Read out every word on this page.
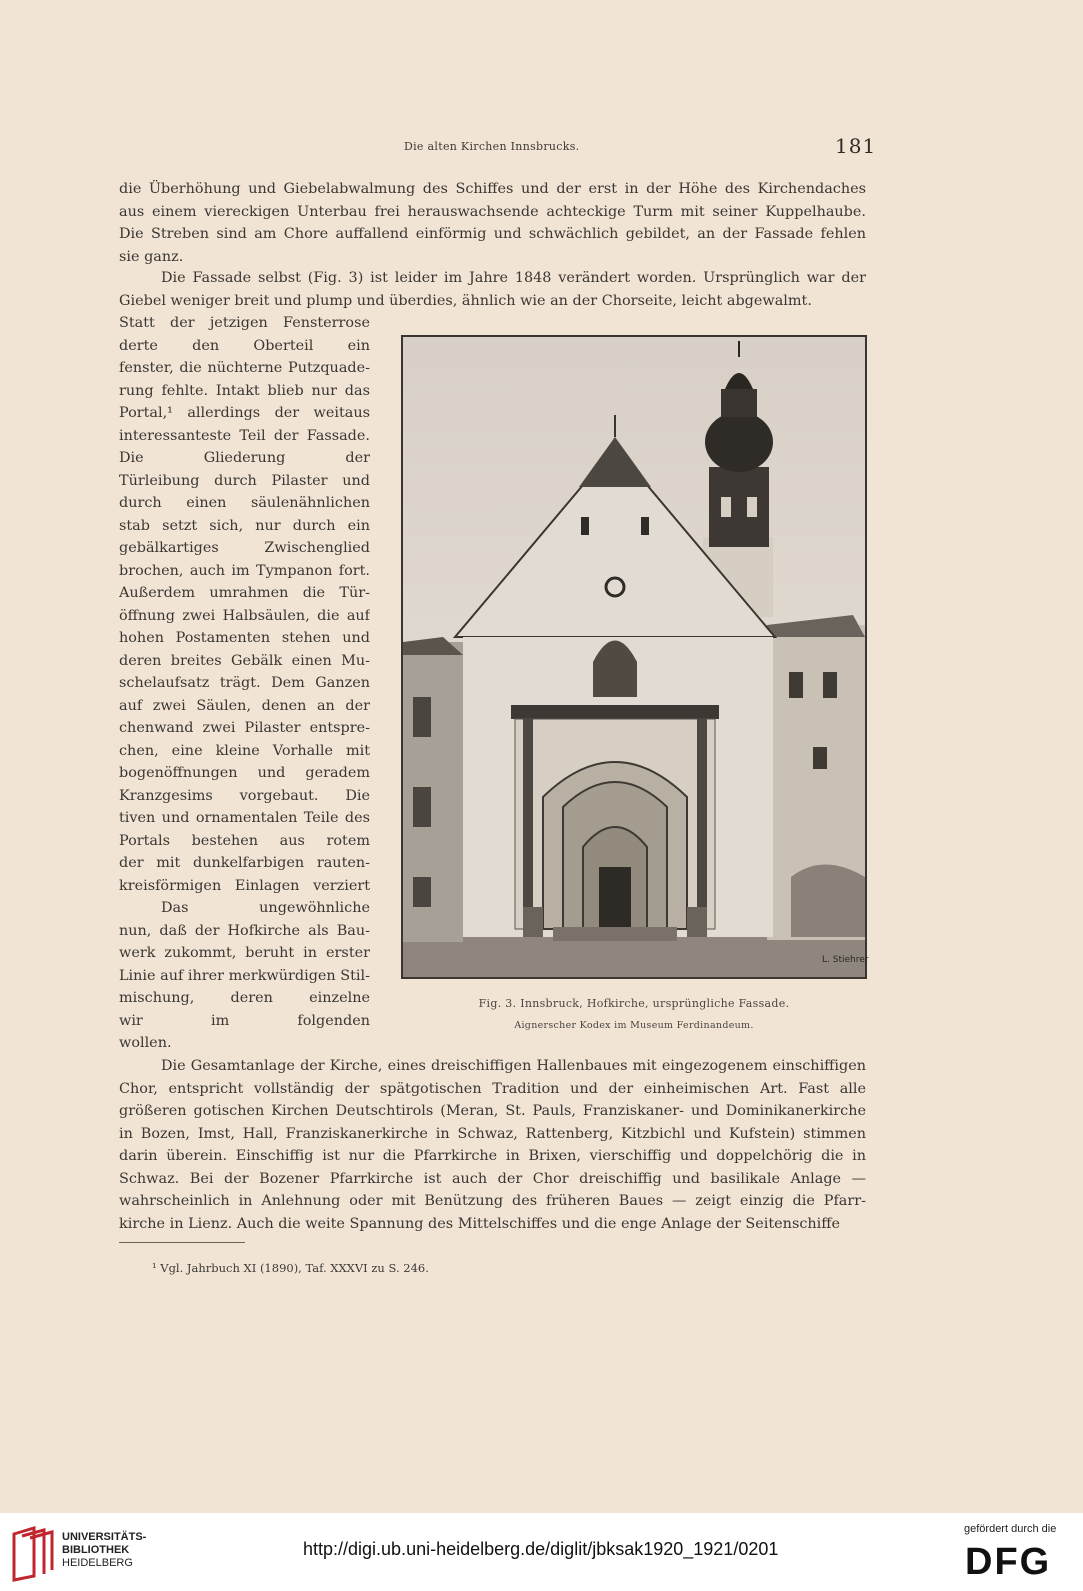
Die alten Kirchen Innsbrucks.	181
die Überhöhung und Giebelabwalmung des Schiffes und der erst in der Höhe des Kirchendaches
aus einem viereckigen Unterbau frei herauswachsende achteckige Turm mit seiner Kuppelhaube.
Die Streben sind am Chore auffallend einförmig und schwächlich gebildet, an der Fassade fehlen
sie ganz.
Die Fassade selbst (Fig. 3) ist leider im Jahre 1848 verändert worden. Ursprünglich war der
Giebel weniger breit und plump und überdies, ähnlich wie an der Chorseite, leicht abgewalmt.
Statt der jetzigen Fensterrose
derte den Oberteil ein
fenster, die nüchterne Putzquade-
rung fehlte. Intakt blieb nur das
Portal,¹ allerdings der weitaus
interessanteste Teil der Fassade.
Die Gliederung der
Türleibung durch Pilaster und
durch einen säulenähnlichen
stab setzt sich, nur durch ein
gebälkartiges Zwischenglied
brochen, auch im Tympanon fort.
Außerdem umrahmen die Tür-
öffnung zwei Halbsäulen, die auf
hohen Postamenten stehen und
deren breites Gebälk einen Mu-
schelaufsatz trägt. Dem Ganzen
auf zwei Säulen, denen an der
chenwand zwei Pilaster entspre-
chen, eine kleine Vorhalle mit
bogenöffnungen und geradem
Kranzgesims vorgebaut. Die
tiven und ornamentalen Teile des
Portals bestehen aus rotem
der mit dunkelfarbigen rauten-
kreisförmigen Einlagen verziert
Das ungewöhnliche
nun, daß der Hofkirche als Bau-
werk zukommt, beruht in erster
Linie auf ihrer merkwürdigen Stil-
mischung, deren einzelne
wir im folgenden
wollen.
Die Gesamtanlage der Kirche, eines dreischiffigen Hallenbaues mit eingezogenem einschiffigen
Chor, entspricht vollständig der spätgotischen Tradition und der einheimischen Art. Fast alle
größeren gotischen Kirchen Deutschtirols (Meran, St. Pauls, Franziskaner- und Dominikanerkirche
in Bozen, Imst, Hall, Franziskanerkirche in Schwaz, Rattenberg, Kitzbichl und Kufstein) stimmen
darin überein. Einschiffig ist nur die Pfarrkirche in Brixen, vierschiffig und doppelchörig die in
Schwaz. Bei der Bozener Pfarrkirche ist auch der Chor dreischiffig und basilikale Anlage —
wahrscheinlich in Anlehnung oder mit Benützung des früheren Baues — zeigt einzig die Pfarr-
kirche in Lienz. Auch die weite Spannung des Mittelschiffes und die enge Anlage der Seitenschiffe
L. Stiehrer
Fig. 3. Innsbruck, Hofkirche, ursprüngliche Fassade.
Aignerscher Kodex im Museum Ferdinandeum.
¹ Vgl. Jahrbuch XI (1890), Taf. XXXVI zu S. 246.
UNIVERSITÄTS-
BIBLIOTHEK
HEIDELBERG
http://digi.ub.uni-heidelberg.de/diglit/jbksak1920_1921/0201
gefördert durch die
DFG
